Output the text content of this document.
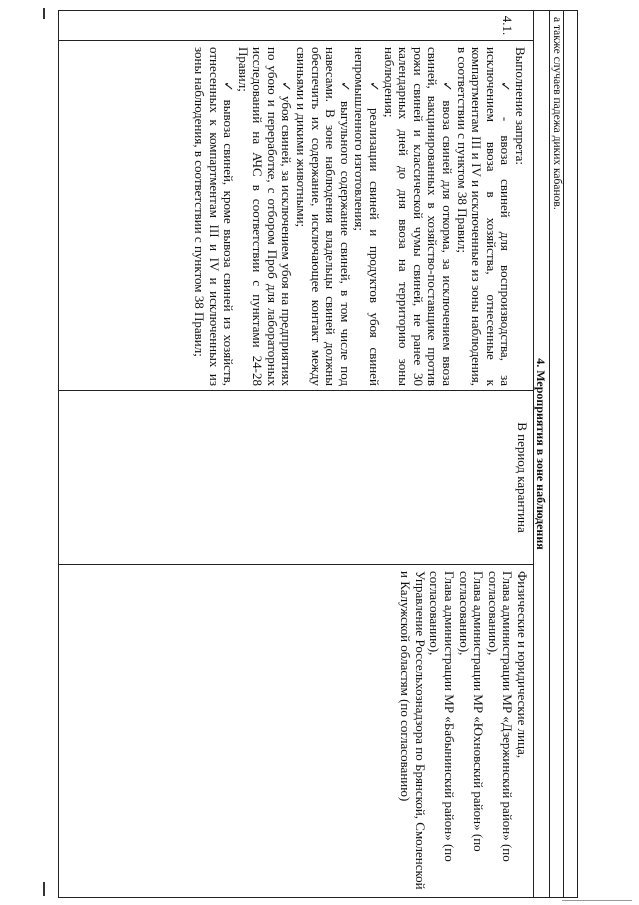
а также случаев падежа диких кабанов.
4. Мероприятия в зоне наблюдения
4.1.

Выполнение запрета:

✓ - ввоза свиней для воспроизводства, за исключением ввоза в хозяйства, отнесенные к компартментам III и IV и исключенные из зоны наблюдения, в соответствии с пунктом 38 Правил;

✓ ввоза свиней для откорма, за исключением ввоза свиней, вакцинированных в хозяйство-поставщике против рожи свиней и классической чумы свиней, не ранее 30 календарных дней до дня ввоза на территорию зоны наблюдения;

✓ реализации свиней и продуктов убоя свиней непромышленного изготовления;

✓ выгульного содержание свиней, в том числе под навесами. В зоне наблюдения владельцы свиней должны обеспечить их содержание, исключающее контакт между свиньями и дикими животными;

✓ убоя свиней, за исключением убоя на предприятиях по убою и переработке, с отбором Проб для лабораторных исследований на АЧС в соответствии с пунктами 24-28 Правил;

✓ вывоза свиней, кроме вывоза свиней из хозяйств, отнесенных к компартментам III и IV и исключенных из зоны наблюдения, в соответствии с пунктом 38 Правил;

В период карантина

Физические и юридические лица,

Глава администрации МР «Дзержинский район» (по согласованию),

Глава администрации МР «Юхновский район» (по согласованию),

Глава администрации МР «Бабынинский район» (по согласованию),

Управление Россельхознадзора по Брянской, Смоленской и Калужской областям (по согласованию)
